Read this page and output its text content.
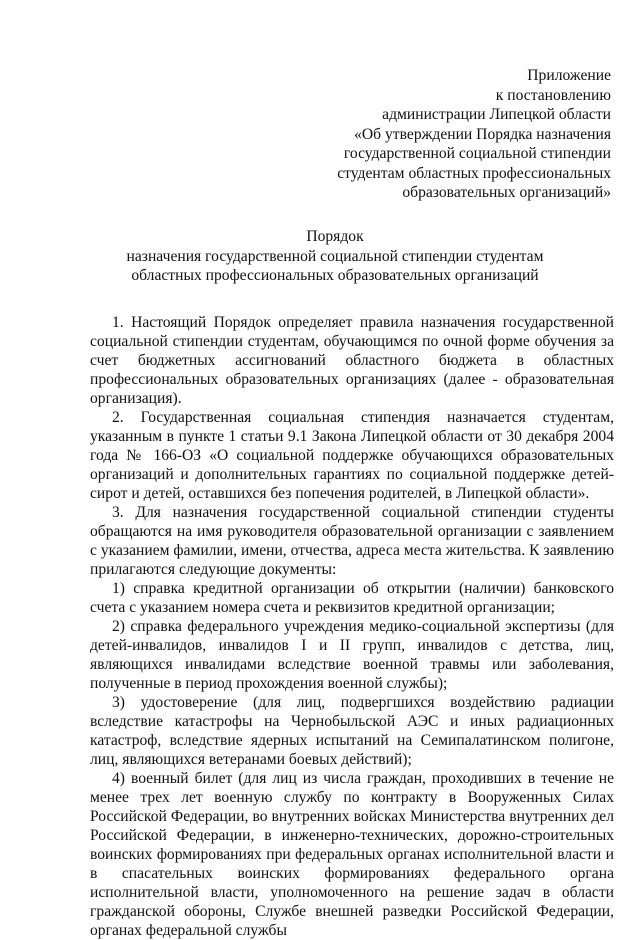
Приложение
к постановлению
администрации Липецкой области
«Об утверждении Порядка назначения
государственной социальной стипендии
студентам областных профессиональных
образовательных организаций»
Порядок
назначения государственной социальной стипендии студентам
областных профессиональных образовательных организаций

1. Настоящий Порядок определяет правила назначения государственной социальной стипендии студентам, обучающимся по очной форме обучения за счет бюджетных ассигнований областного бюджета в областных профессиональных образовательных организациях (далее - образовательная организация).

2. Государственная социальная стипендия назначается студентам, указанным в пункте 1 статьи 9.1 Закона Липецкой области от 30 декабря 2004 года № 166-ОЗ «О социальной поддержке обучающихся образовательных организаций и дополнительных гарантиях по социальной поддержке детей-сирот и детей, оставшихся без попечения родителей, в Липецкой области».

3. Для назначения государственной социальной стипендии студенты обращаются на имя руководителя образовательной организации с заявлением с указанием фамилии, имени, отчества, адреса места жительства. К заявлению прилагаются следующие документы:

1) справка кредитной организации об открытии (наличии) банковского счета с указанием номера счета и реквизитов кредитной организации;

2) справка федерального учреждения медико-социальной экспертизы (для детей-инвалидов, инвалидов I и II групп, инвалидов с детства, лиц, являющихся инвалидами вследствие военной травмы или заболевания, полученные в период прохождения военной службы);

3) удостоверение (для лиц, подвергшихся воздействию радиации вследствие катастрофы на Чернобыльской АЭС и иных радиационных катастроф, вследствие ядерных испытаний на Семипалатинском полигоне, лиц, являющихся ветеранами боевых действий);

4) военный билет (для лиц из числа граждан, проходивших в течение не менее трех лет военную службу по контракту в Вооруженных Силах Российской Федерации, во внутренних войсках Министерства внутренних дел Российской Федерации, в инженерно-технических, дорожно-строительных воинских формированиях при федеральных органах исполнительной власти и в спасательных воинских формированиях федерального органа исполнительной власти, уполномоченного на решение задач в области гражданской обороны, Службе внешней разведки Российской Федерации, органах федеральной службы
